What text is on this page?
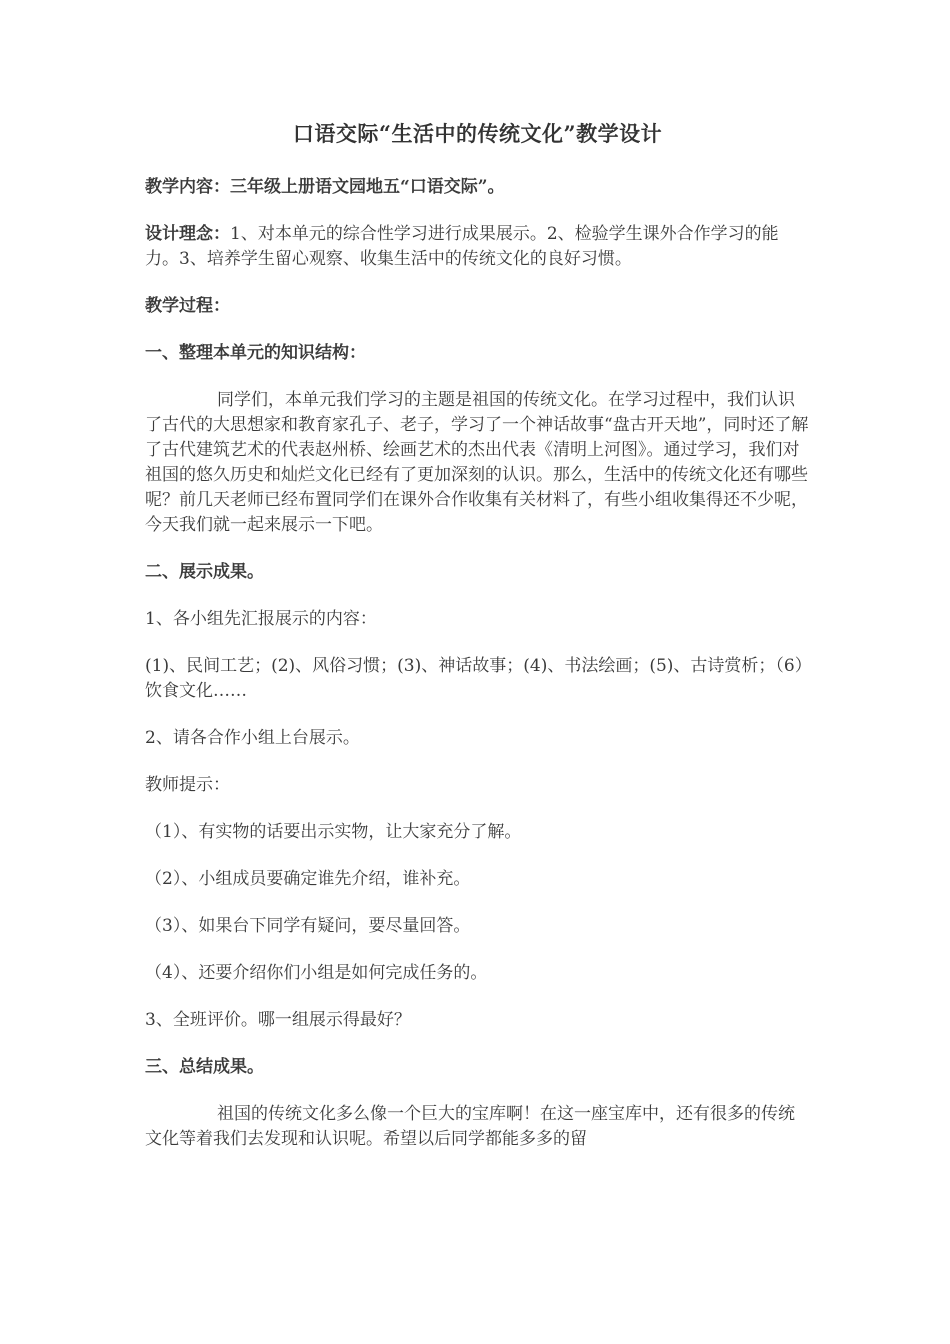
口语交际“生活中的传统文化”教学设计

教学内容：三年级上册语文园地五“口语交际”。

设计理念：1、对本单元的综合性学习进行成果展示。2、检验学生课外合作学习的能力。3、培养学生留心观察、收集生活中的传统文化的良好习惯。

教学过程：

一、整理本单元的知识结构：

同学们，本单元我们学习的主题是祖国的传统文化。在学习过程中，我们认识了古代的大思想家和教育家孔子、老子，学习了一个神话故事“盘古开天地”，同时还了解了古代建筑艺术的代表赵州桥、绘画艺术的杰出代表《清明上河图》。通过学习，我们对祖国的悠久历史和灿烂文化已经有了更加深刻的认识。那么，生活中的传统文化还有哪些呢？前几天老师已经布置同学们在课外合作收集有关材料了，有些小组收集得还不少呢，今天我们就一起来展示一下吧。

二、展示成果。

1、各小组先汇报展示的内容：

(1)、民间工艺；(2)、风俗习惯；(3)、神话故事；(4)、书法绘画；(5)、古诗赏析；（6）饮食文化……

2、请各合作小组上台展示。

教师提示：

（1）、有实物的话要出示实物，让大家充分了解。

（2）、小组成员要确定谁先介绍，谁补充。

（3）、如果台下同学有疑问，要尽量回答。

（4）、还要介绍你们小组是如何完成任务的。

3、全班评价。哪一组展示得最好？

三、总结成果。

祖国的传统文化多么像一个巨大的宝库啊！在这一座宝库中，还有很多的传统文化等着我们去发现和认识呢。希望以后同学都能多多的留
